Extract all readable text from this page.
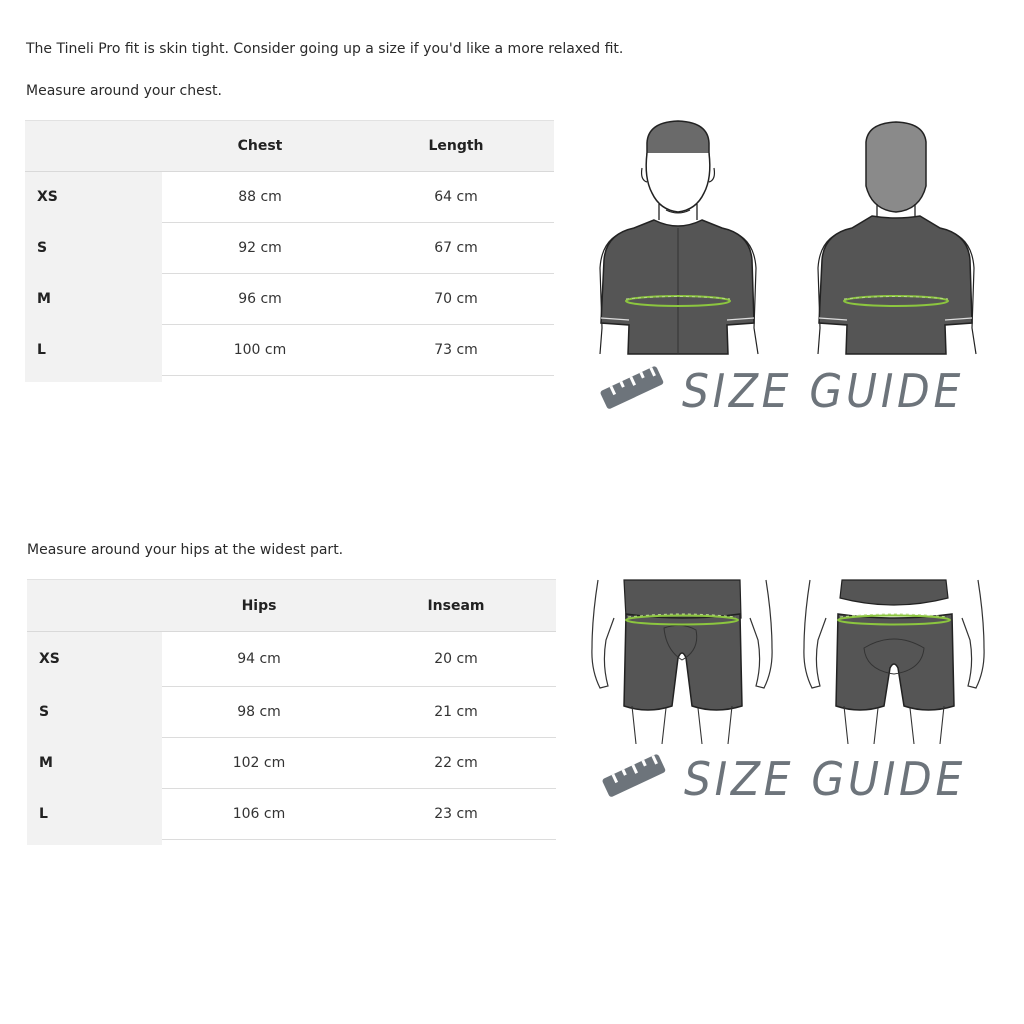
The Tineli Pro fit is skin tight. Consider going up a size if you'd like a more relaxed fit.
Measure around your chest.
	Chest	Length
XS	88 cm	64 cm
S	92 cm	67 cm
M	96 cm	70 cm
L	100 cm	73 cm
SIZE GUIDE
Measure around your hips at the widest part.
	Hips	Inseam
XS	94 cm	20 cm
S	98 cm	21 cm
M	102 cm	22 cm
L	106 cm	23 cm
SIZE GUIDE
